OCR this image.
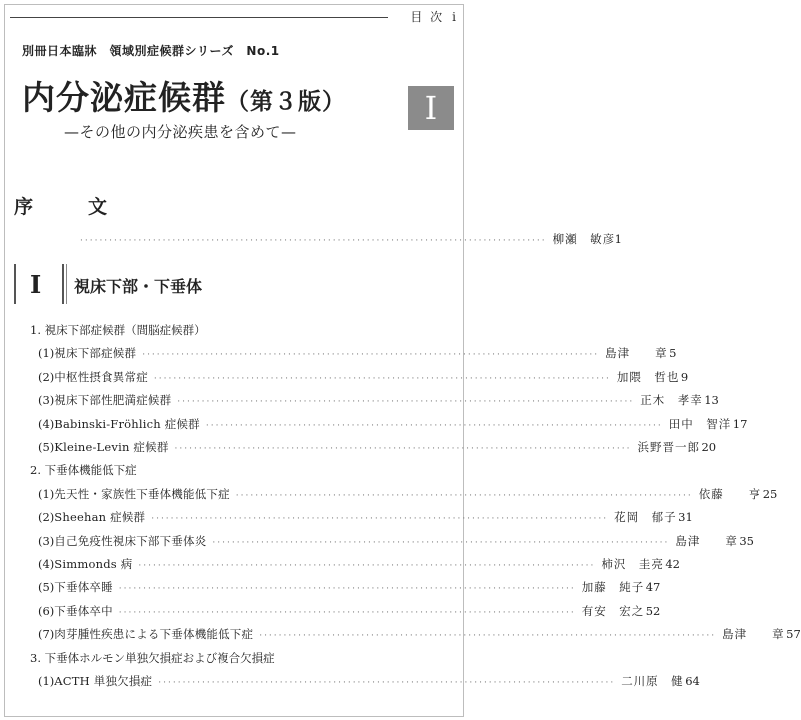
目 次 i
別冊日本臨牀　領域別症候群シリーズ　No.1
内分泌症候群（第３版）
—その他の内分泌疾患を含めて—
Ⅰ
序　文
································································································ 柳瀬　敏彦 1
Ⅰ 視床下部・下垂体
1. 視床下部症候群（間脳症候群）
(1) 視床下部症候群 ······························································································ 島津　　章 5
(2) 中枢性摂食異常症 ······························································································ 加隈　哲也 9
(3) 視床下部性肥満症候群 ······························································································ 正木　孝幸 13
(4) Babinski-Fröhlich 症候群 ······························································································ 田中　智洋 17
(5) Kleine-Levin 症候群 ······························································································ 浜野晋一郎 20
2. 下垂体機能低下症
(1) 先天性・家族性下垂体機能低下症 ······························································································ 依藤　　亨 25
(2) Sheehan 症候群 ······························································································ 花岡　郁子 31
(3) 自己免疫性視床下部下垂体炎 ······························································································ 島津　　章 35
(4) Simmonds 病 ······························································································ 柿沢　圭亮 42
(5) 下垂体卒睡 ······························································································ 加藤　純子 47
(6) 下垂体卒中 ······························································································ 有安　宏之 52
(7) 肉芽腫性疾患による下垂体機能低下症 ······························································································ 島津　　章 57
3. 下垂体ホルモン単独欠損症および複合欠損症
(1) ACTH 単独欠損症 ······························································································ 二川原　健 64
